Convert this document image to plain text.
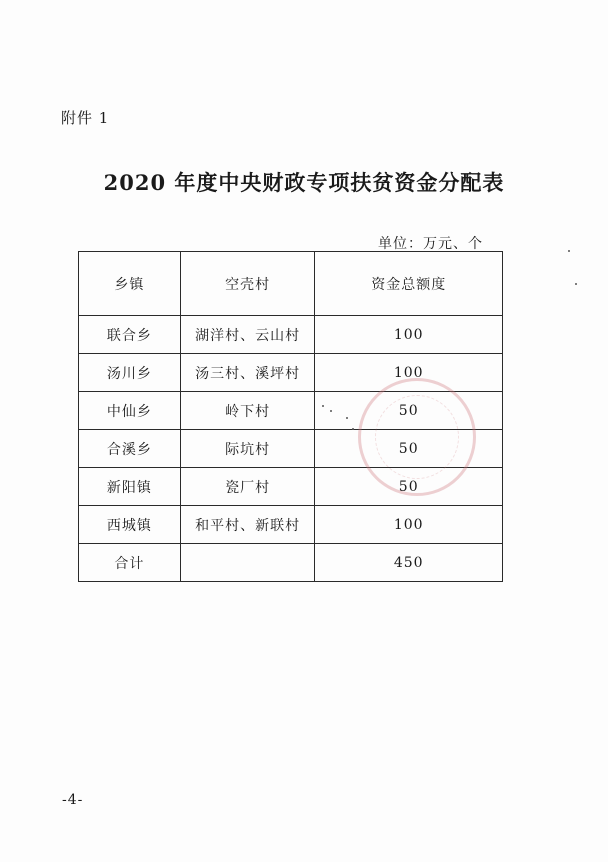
附件 1
2020 年度中央财政专项扶贫资金分配表
单位：万元、个
乡镇	空壳村	资金总额度
联合乡	湖洋村、云山村	100
汤川乡	汤三村、溪坪村	100
中仙乡	岭下村	50
合溪乡	际坑村	50
新阳镇	瓷厂村	50
西城镇	和平村、新联村	100
合计		450
-4-
